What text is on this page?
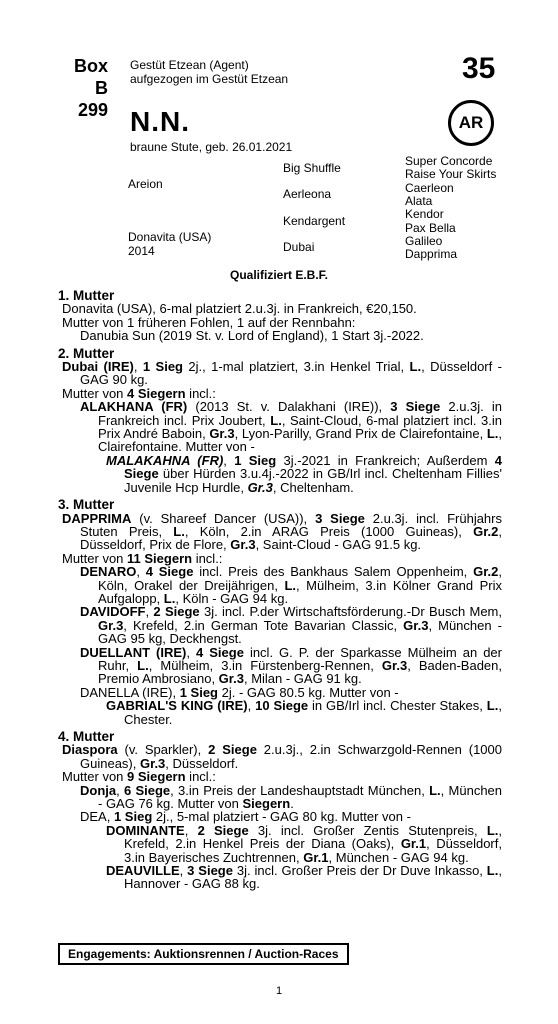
Box
B 299
Gestüt Etzean (Agent)
aufgezogen im Gestüt Etzean	35
N.N.	AR
braune Stute, geb. 26.01.2021
Areion
Donavita (USA)
2014
Big Shuffle
Aerleona
Kendargent
Dubai
Super Concorde
Raise Your Skirts
Caerleon
Alata
Kendor
Pax Bella
Galileo
Dapprima
Qualifiziert E.B.F.
1. Mutter

Donavita (USA), 6-mal platziert 2.u.3j. in Frankreich, €20,150.

Mutter von 1 früheren Fohlen, 1 auf der Rennbahn:

Danubia Sun (2019 St. v. Lord of England), 1 Start 3j.-2022.

2. Mutter

Dubai (IRE), 1 Sieg 2j., 1-mal platziert, 3.in Henkel Trial, L., Düsseldorf - GAG 90 kg.

Mutter von 4 Siegern incl.:

ALAKHANA (FR) (2013 St. v. Dalakhani (IRE)), 3 Siege 2.u.3j. in Frankreich incl. Prix Joubert, L., Saint-Cloud, 6-mal platziert incl. 3.in Prix André Baboin, Gr.3, Lyon-Parilly, Grand Prix de Clairefontaine, L., Clairefontaine. Mutter von -

MALAKAHNA (FR), 1 Sieg 3j.-2021 in Frankreich; Außerdem 4 Siege über Hürden 3.u.4j.-2022 in GB/Irl incl. Cheltenham Fillies' Juvenile Hcp Hurdle, Gr.3, Cheltenham.

3. Mutter

DAPPRIMA (v. Shareef Dancer (USA)), 3 Siege 2.u.3j. incl. Frühjahrs Stuten Preis, L., Köln, 2.in ARAG Preis (1000 Guineas), Gr.2, Düsseldorf, Prix de Flore, Gr.3, Saint-Cloud - GAG 91.5 kg.

Mutter von 11 Siegern incl.:

DENARO, 4 Siege incl. Preis des Bankhaus Salem Oppenheim, Gr.2, Köln, Orakel der Dreijährigen, L., Mülheim, 3.in Kölner Grand Prix Aufgalopp, L., Köln - GAG 94 kg.

DAVIDOFF, 2 Siege 3j. incl. P.der Wirtschaftsförderung.-Dr Busch Mem, Gr.3, Krefeld, 2.in German Tote Bavarian Classic, Gr.3, München - GAG 95 kg, Deckhengst.

DUELLANT (IRE), 4 Siege incl. G. P. der Sparkasse Mülheim an der Ruhr, L., Mülheim, 3.in Fürstenberg-Rennen, Gr.3, Baden-Baden, Premio Ambrosiano, Gr.3, Milan - GAG 91 kg.

DANELLA (IRE), 1 Sieg 2j. - GAG 80.5 kg. Mutter von -

GABRIAL'S KING (IRE), 10 Siege in GB/Irl incl. Chester Stakes, L., Chester.

4. Mutter

Diaspora (v. Sparkler), 2 Siege 2.u.3j., 2.in Schwarzgold-Rennen (1000 Guineas), Gr.3, Düsseldorf.

Mutter von 9 Siegern incl.:

Donja, 6 Siege, 3.in Preis der Landeshauptstadt München, L., München - GAG 76 kg. Mutter von Siegern.

DEA, 1 Sieg 2j., 5-mal platziert - GAG 80 kg. Mutter von -

DOMINANTE, 2 Siege 3j. incl. Großer Zentis Stutenpreis, L., Krefeld, 2.in Henkel Preis der Diana (Oaks), Gr.1, Düsseldorf, 3.in Bayerisches Zuchtrennen, Gr.1, München - GAG 94 kg.

DEAUVILLE, 3 Siege 3j. incl. Großer Preis der Dr Duve Inkasso, L., Hannover - GAG 88 kg.

Engagements: Auktionsrennen / Auction-Races
1
